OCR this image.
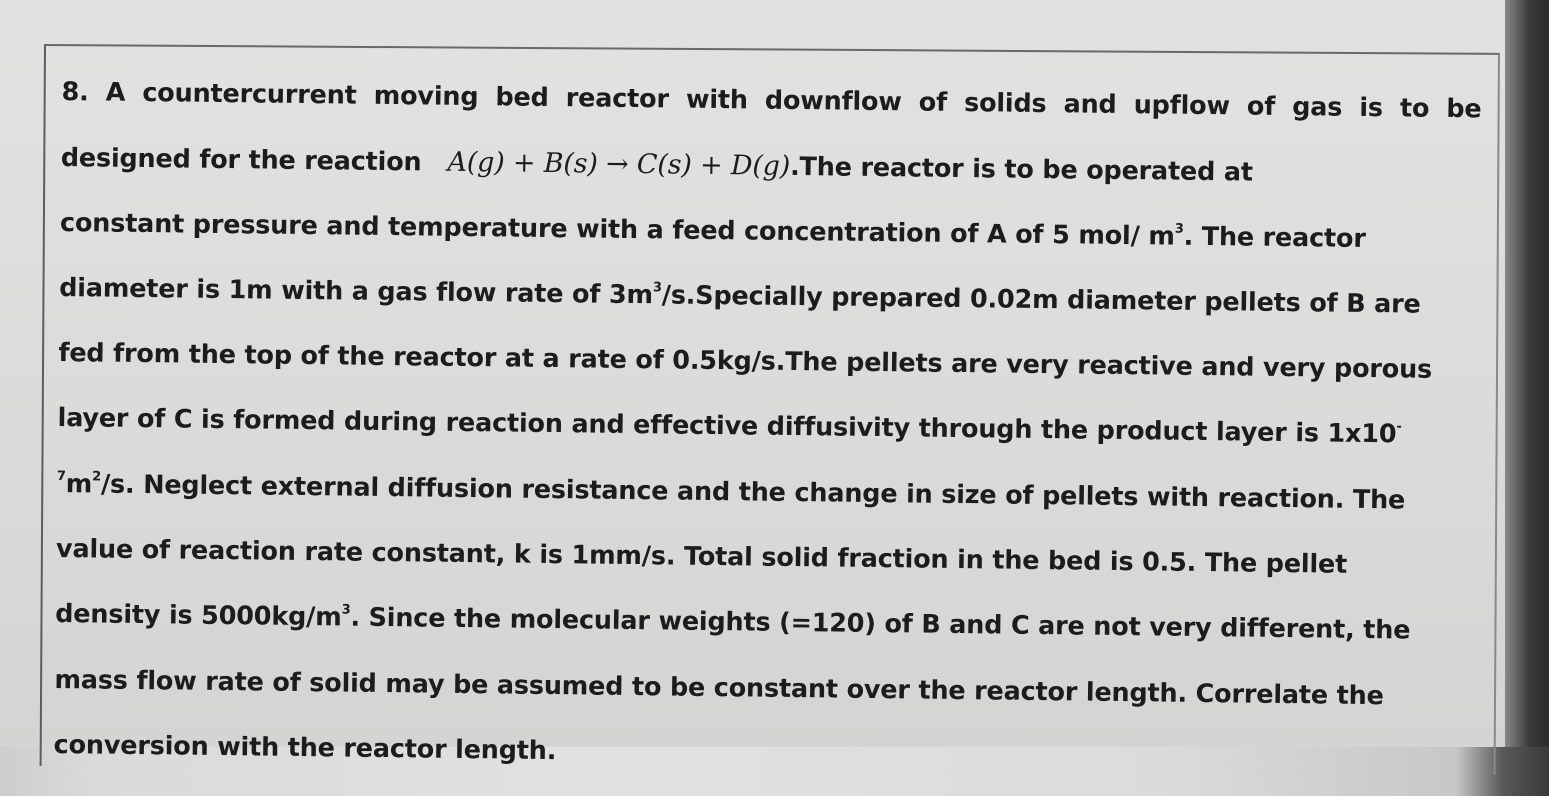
8. A countercurrent moving bed reactor with downflow of solids and upflow of gas is to be
designed for the reaction A(g) + B(s) → C(s) + D(g).The reactor is to be operated at
constant pressure and temperature with a feed concentration of A of 5 mol/ $m^3$. The reactor
diameter is 1m with a gas flow rate of $3m^3/s.Specially$ prepared 0.02m diameter pellets of B are
fed from the top of the reactor at a rate of 0.5kg/s.The pellets are very reactive and very porous
layer of C is formed during reaction and effective diffusivity through the product layer is 1x10-
$^7m^2/s$. Neglect external diffusion resistance and the change in size of pellets with reaction. The
value of reaction rate constant, k is 1mm/s. Total solid fraction in the bed is 0.5. The pellet
density is $5000kg/m^3$. Since the molecular weights (=120) of B and C are not very different, the
mass flow rate of solid may be assumed to be constant over the reactor length. Correlate the
conversion with the reactor length.
